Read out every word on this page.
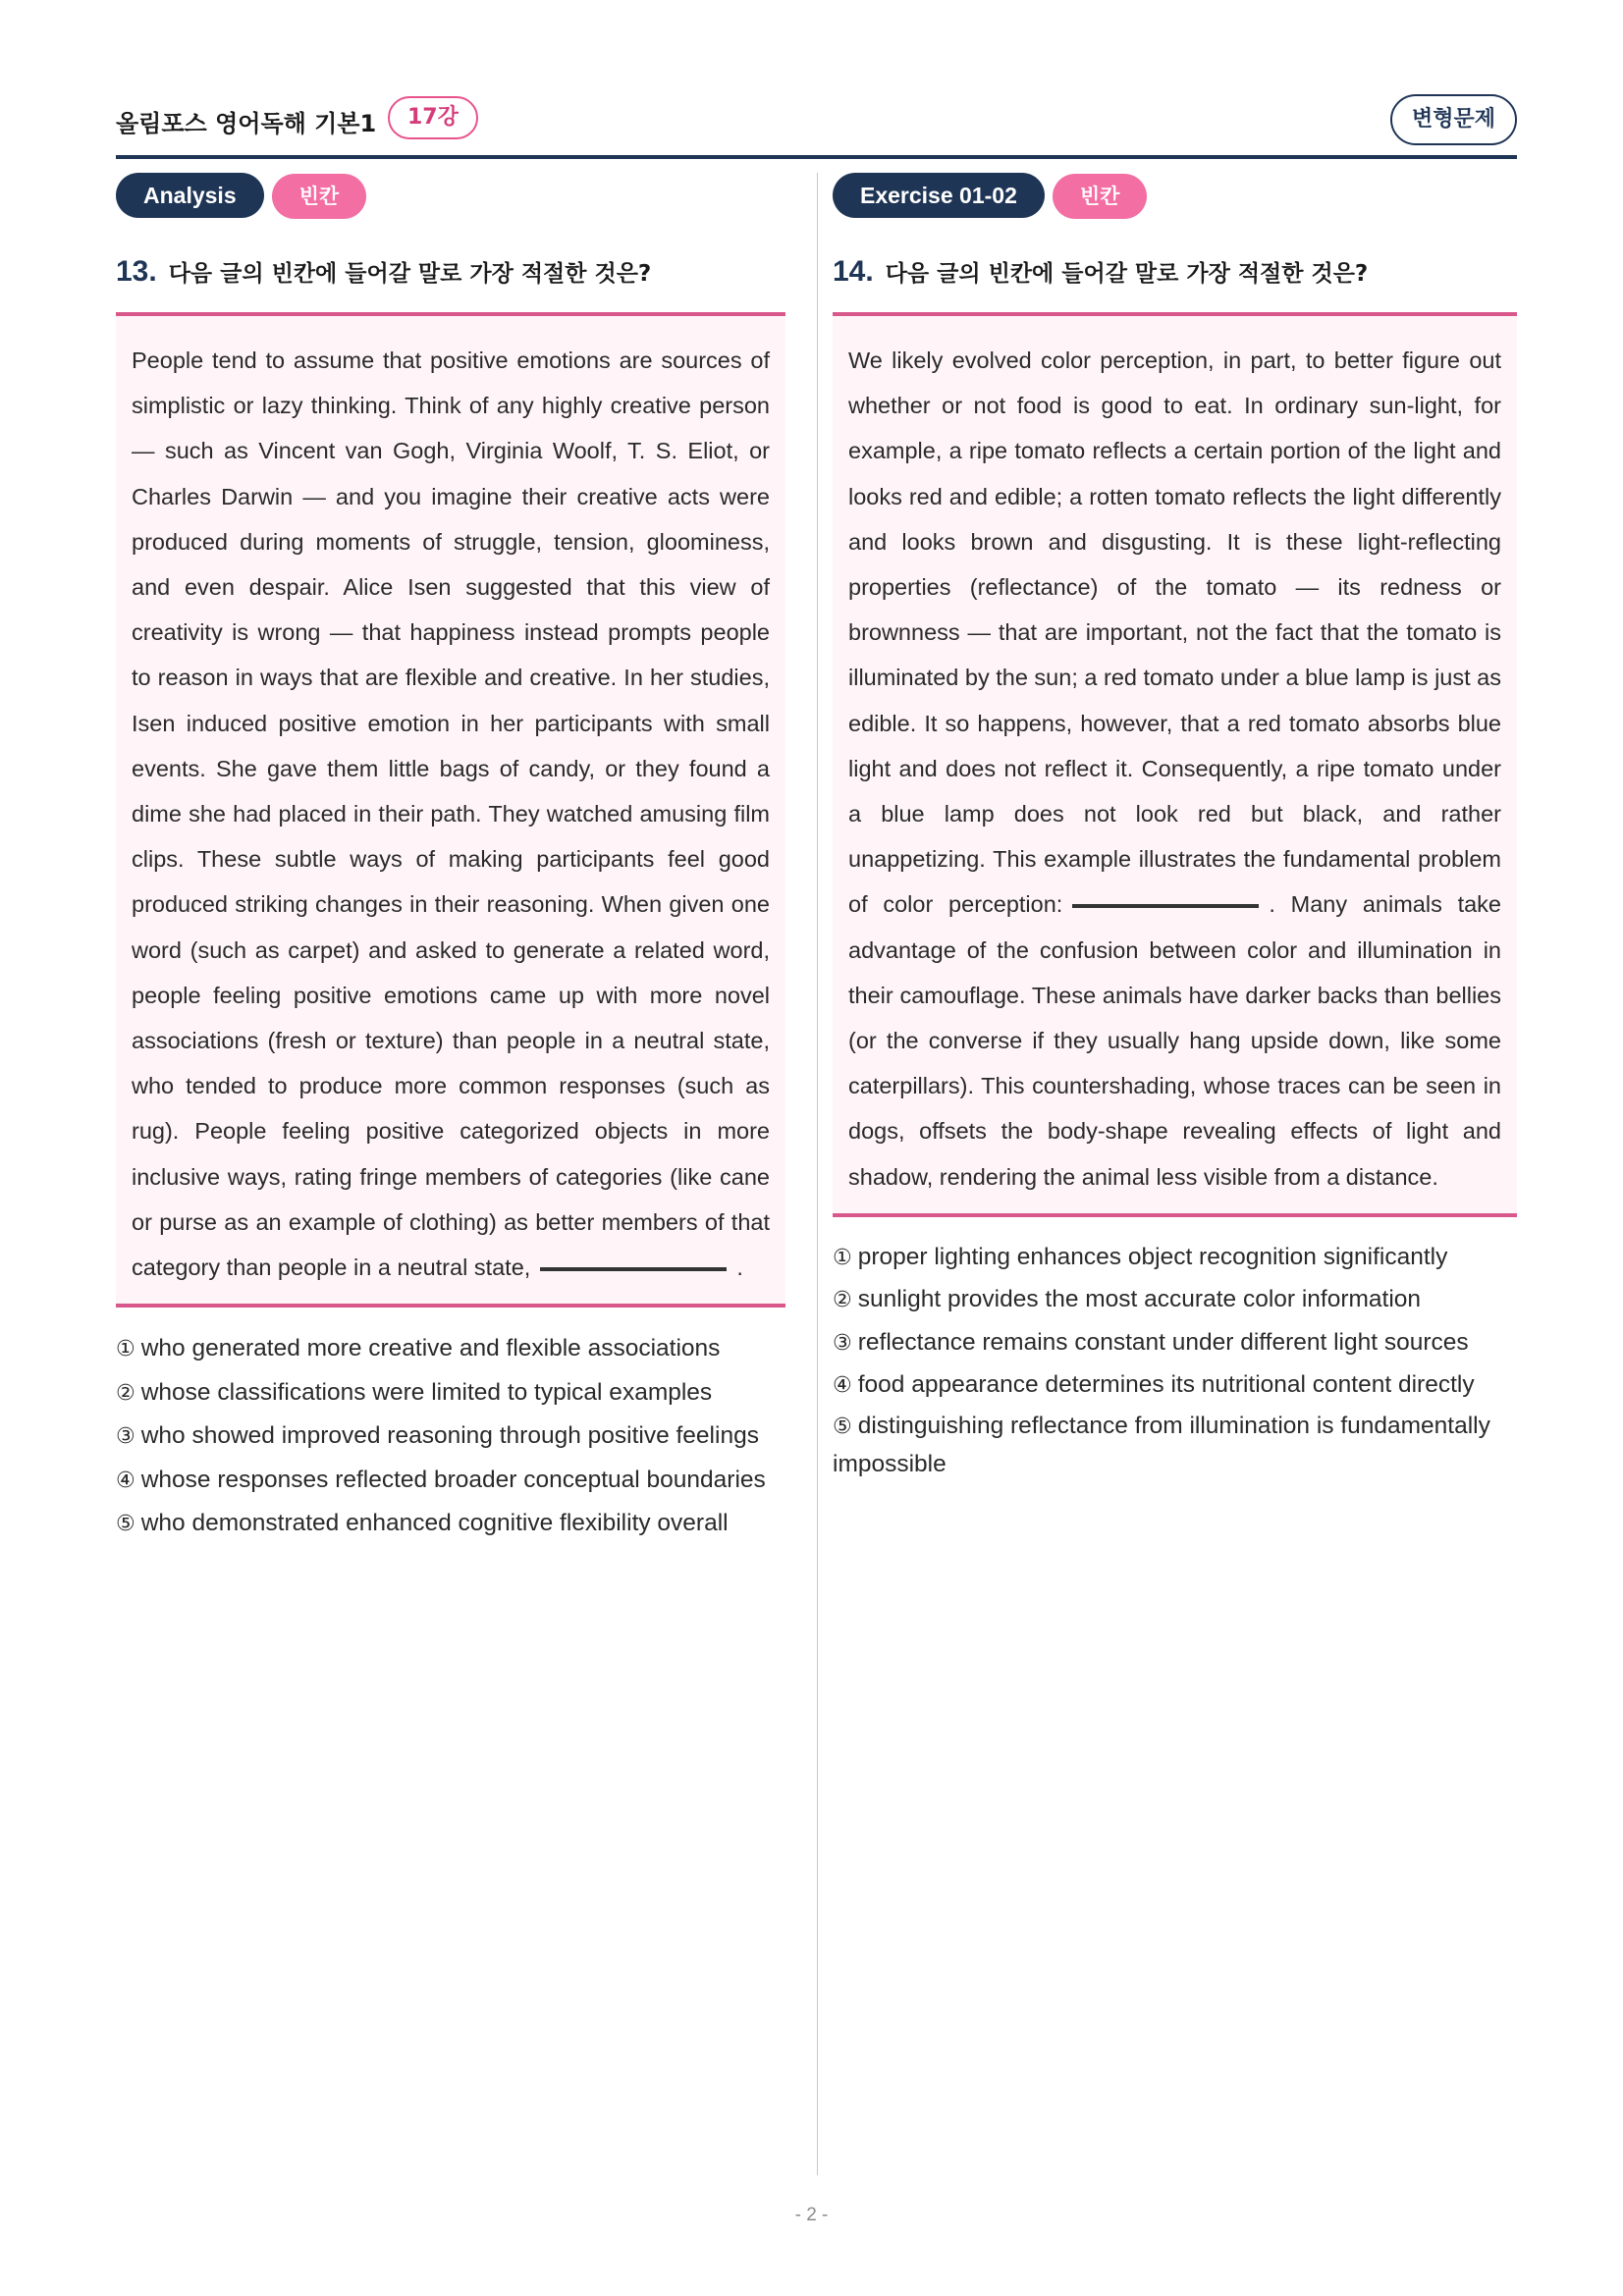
올림포스 영어독해 기본1	17강	변형문제
Analysis	빈칸
13. 다음 글의 빈칸에 들어갈 말로 가장 적절한 것은?
People tend to assume that positive emotions are sources of simplistic or lazy thinking. Think of any highly creative person — such as Vincent van Gogh, Virginia Woolf, T. S. Eliot, or Charles Darwin — and you imagine their creative acts were produced during moments of struggle, tension, gloominess, and even despair. Alice Isen suggested that this view of creativity is wrong — that happiness instead prompts people to reason in ways that are flexible and creative. In her studies, Isen induced positive emotion in her participants with small events. She gave them little bags of candy, or they found a dime she had placed in their path. They watched amusing film clips. These subtle ways of making participants feel good produced striking changes in their reasoning. When given one word (such as carpet) and asked to generate a related word, people feeling positive emotions came up with more novel associations (fresh or texture) than people in a neutral state, who tended to produce more common responses (such as rug). People feeling positive categorized objects in more inclusive ways, rating fringe members of categories (like cane or purse as an example of clothing) as better members of that category than people in a neutral state,	.
① who generated more creative and flexible associations
② whose classifications were limited to typical examples
③ who showed improved reasoning through positive feelings
④ whose responses reflected broader conceptual boundaries
⑤ who demonstrated enhanced cognitive flexibility overall
Exercise 01-02	빈칸
14. 다음 글의 빈칸에 들어갈 말로 가장 적절한 것은?
We likely evolved color perception, in part, to better figure out whether or not food is good to eat. In ordinary sun-light, for example, a ripe tomato reflects a certain portion of the light and looks red and edible; a rotten tomato reflects the light differently and looks brown and disgusting. It is these light-reflecting properties (reflectance) of the tomato — its redness or brownness — that are important, not the fact that the tomato is illuminated by the sun; a red tomato under a blue lamp is just as edible. It so happens, however, that a red tomato absorbs blue light and does not reflect it. Consequently, a ripe tomato under a blue lamp does not look red but black, and rather unappetizing. This example illustrates the fundamental problem of color perception:	. Many animals take advantage of the confusion between color and illumination in their camouflage. These animals have darker backs than bellies (or the converse if they usually hang upside down, like some caterpillars). This countershading, whose traces can be seen in dogs, offsets the body-shape revealing effects of light and shadow, rendering the animal less visible from a distance.
① proper lighting enhances object recognition significantly
② sunlight provides the most accurate color information
③ reflectance remains constant under different light sources
④ food appearance determines its nutritional content directly
⑤ distinguishing reflectance from illumination is fundamentally impossible
- 2 -
